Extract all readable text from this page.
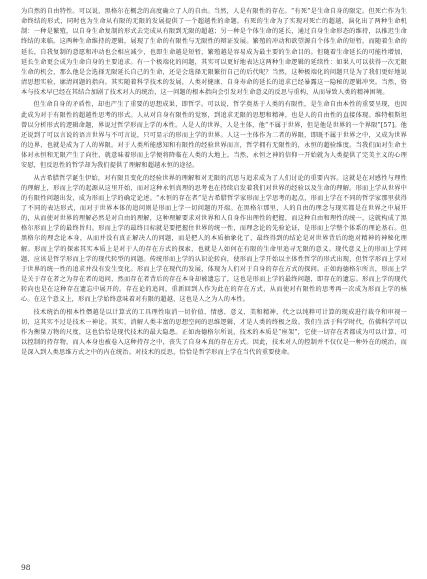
为自然的自由特性。可以说，黑格尔在概念的高度确立了人的自由。当然，人是有限性的存在。“有死”是生命自身的限定。但死亡作为生命终结的形式，同时也为生命从有限的无限的发展提供了一个超越性的命题。有死的生命为了实现对死亡的超越，演化出了两种生命机制：一种是繁殖，以自身生命复制的形式去完成从有限到无限的超越；另一种是个体生命的延长，通过自身生命形态的维持，以推迟生命终结的来临。这两种生命维持的逻辑，展现了生命的有限性与无限性的辩证发展。繁殖的冲动和欲望源自个体生命的短暂，而随着生命的延长，自我复制的意愿和冲动也会相应减少，也即生命越是短暂，繁殖越是容易成为最主要的生命目的。但随着生命延长的可能性增加，延长生命更会成为生命自身的主要追求。有一个极端化的问题，其实可以更好地表达这两种生命逻辑的延续性：如果人可以获得一次无限生命的机会，那么他是会选择无限延长自己的生命，还是会选择无限繁衍自己的后代呢？当然，这种极端化的问题只是为了我们更好地说清思想实验，廓清问题的指向。其实随着科学技术的发展，人类对健康、自身寿命的延长的追求已经暴露这一隐秘的逻辑冲突。当然，资本与技术早已经在其结合加剧了技术对人的统治，这一问题的根本指向会引发对生命意义的反思与重构，从而导致人类的精神困境。

但生命自身的矛盾性，却也产生了重要的思想成果，即哲学。可以说，哲学奠基于人类的有限性，是生命自由本性的重要呈现，也因此成为对于有限性的超越性思考的形式。人从对自身有限性的觉察，到追求无限的思想和精神，也是人的自由性的直接体现。维特根斯坦曾以分析形式的逻辑命题，界说过哲学形而上学的本性。人是人的世界，人是主体，他“不属于世界，但是他是世界的一个界限”[57]。他还说到了可以言说的语言世界与不可言说，只可显示的形而上学的世界。人这一主体作为二者的界限，即既不属于世界之中，又成为世界的边界，也就是成为了人的界限。对于人类所能感知和有限性的经验世界而言，哲学拥有无限性的，永恒的超验维度。当我们面对生命主体对永恒和无限产生了向往，就意味着形而上学便将降临在人类的大地上。当然，永恒之神的信仰一开始就为人类提供了完美主义的心理安慰，但反思性的哲学却为我们提供了理解和超越永恒的途径。

从古希腊哲学诞生伊始，对有限且变化的经验世界的理解和对无限的沉思与追求成为了人们讨论的重要内容。这就是在对感性与理性的理解上，形而上学的起源从这里开始，而对这种永恒真理的思考也在持续启发着我们对世界的经验以及生命的理解。形而上学从世界中的有限性问题出发，成为形而上学的确定论述。“永恒的存在者”是古希腊哲学家形而上学思考的起点，形而上学在不同的哲学家那里获得了不同的表达形式，而对于世界本体的追问则是形而上学一切问题的开端。在黑格尔那里，人的自由的理念与现实都是在世界之中展开的，从而使对世界的理解必然是对自由的理解，这种理解要求对世界和人自身作出理性的把握，而这种自由和理性的统一，这就构成了黑格尔形而上学的最终旨归。形而上学的最终目标就是要把握住世界的统一性，而理念论的先验论证，是形而上学整个体系的理论基石。但黑格尔的理念论本身，从而并没有真正解决人的问题，而是把人的本质抽象化了，最终得到的结论是对世界背后的绝对精神的神秘化理解。形而上学的探索其实本质上是对于人的存在方式的探索，也就是人如何在有限的生命里追寻无限的意义。现代意义上的形而上学问题，应该是哲学形而上学的现代转型的问题。传统形而上学的认识论转向，使形而上学开始以主体性哲学的形式出现，但哲学形而上学对于世界的统一性的追求并没有发生变化。形而上学在现代的发展，体现为人们对于自身的存在方式的探问。正如海德格尔所言，形而上学是关于存在者之为存在者的追问，然而存在者背后的存在本身却被遗忘了，这也是形而上学的最终问题，即存在的遗忘。形而上学的现代转向也是在这种存在遗忘中展开的。存在论的追问，重新回到人作为此在的存在方式，从而使对有限性的思考再一次成为形而上学的核心。在这个意义上，形而上学始终意味着对有限的超越，这也是人之为人的本性。

技术统治的根本性僭越是以计算式的工具理性取消一切价值、情感、意义、美和精神，代之以纯粹可计算的现成进行裁夺和审视一切，这其实不过是技术一神论。其实，消解人类丰富的思想空间的思维逻辑，才是人类的终极之敌。我们生活于科学时代，仿佛科学可以作为衡量万物的尺度，这也恰恰是现代技术的最大隐患。正如海德格尔所说，技术的本质是“座架”，它使一切存在者都成为可以计算、可以控制的持存物，而人本身也被卷入这种持存之中，丧失了自身本真的存在方式。因此，技术对人的控制并不仅仅是一种外在的统治，而是深入到人类思维方式之中的内在统治。对技术的反思，恰恰是哲学形而上学在当代的重要使命。

98
